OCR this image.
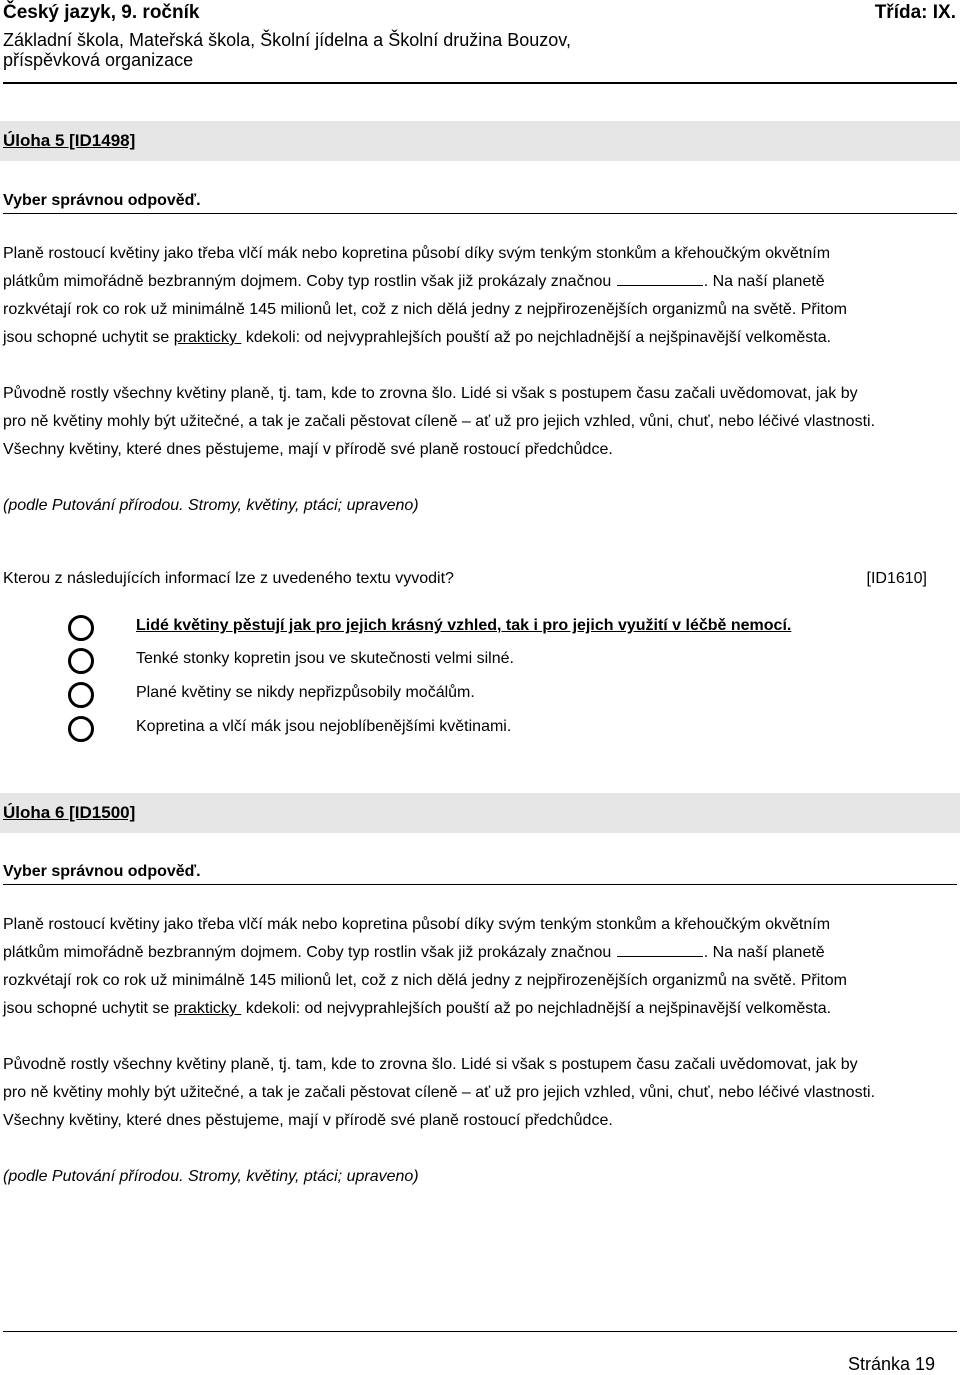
Český jazyk, 9. ročník	Třída: IX.
Základní škola, Mateřská škola, Školní jídelna a Školní družina Bouzov,
příspěvková organizace
Úloha 5 [ID1498]
Vyber správnou odpověď.

Planě rostoucí květiny jako třeba vlčí mák nebo kopretina působí díky svým tenkým stonkům a křehoučkým okvětním

plátkům mimořádně bezbranným dojmem. Coby typ rostlin však již prokázaly značnou	. Na naší planetě

rozkvétají rok co rok už minimálně 145 milionů let, což z nich dělá jedny z nejpřirozenějších organizmů na světě. Přitom

jsou schopné uchytit se prakticky kdekoli: od nejvyprahlejších pouští až po nejchladnější a nejšpinavější velkoměsta.

Původně rostly všechny květiny planě, tj. tam, kde to zrovna šlo. Lidé si však s postupem času začali uvědomovat, jak by

pro ně květiny mohly být užitečné, a tak je začali pěstovat cíleně – ať už pro jejich vzhled, vůni, chuť, nebo léčivé vlastnosti.

Všechny květiny, které dnes pěstujeme, mají v přírodě své planě rostoucí předchůdce.

(podle Putování přírodou. Stromy, květiny, ptáci; upraveno)
Kterou z následujících informací lze z uvedeného textu vyvodit?	[ID1610]
Lidé květiny pěstují jak pro jejich krásný vzhled, tak i pro jejich využití v léčbě nemocí.
Tenké stonky kopretin jsou ve skutečnosti velmi silné.
Plané květiny se nikdy nepřizpůsobily močálům.
Kopretina a vlčí mák jsou nejoblíbenějšími květinami.
Úloha 6 [ID1500]
Vyber správnou odpověď.

Planě rostoucí květiny jako třeba vlčí mák nebo kopretina působí díky svým tenkým stonkům a křehoučkým okvětním

plátkům mimořádně bezbranným dojmem. Coby typ rostlin však již prokázaly značnou	. Na naší planetě

rozkvétají rok co rok už minimálně 145 milionů let, což z nich dělá jedny z nejpřirozenějších organizmů na světě. Přitom

jsou schopné uchytit se prakticky kdekoli: od nejvyprahlejších pouští až po nejchladnější a nejšpinavější velkoměsta.

Původně rostly všechny květiny planě, tj. tam, kde to zrovna šlo. Lidé si však s postupem času začali uvědomovat, jak by

pro ně květiny mohly být užitečné, a tak je začali pěstovat cíleně – ať už pro jejich vzhled, vůni, chuť, nebo léčivé vlastnosti.

Všechny květiny, které dnes pěstujeme, mají v přírodě své planě rostoucí předchůdce.

(podle Putování přírodou. Stromy, květiny, ptáci; upraveno)
Stránka 19
